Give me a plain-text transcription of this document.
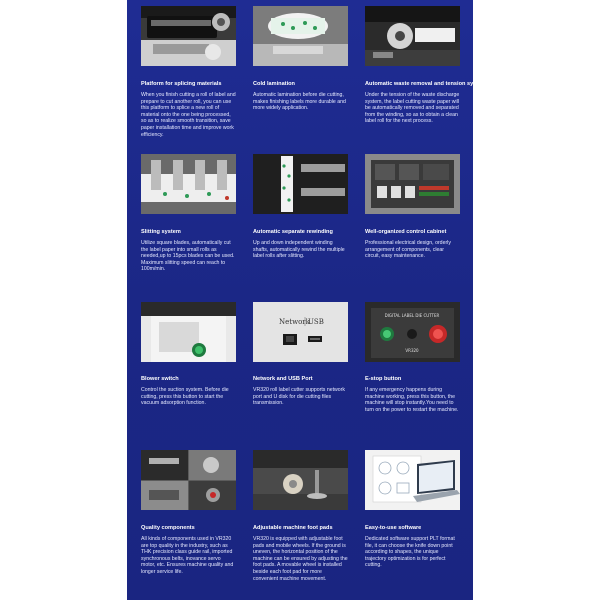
Platform for splicing materials
When you finish cutting a roll of label and prepare to cut another roll, you can use this platform to splice a new roll of material onto the one being processed, so as to realize smooth transition, save paper installation time and improve work efficiency.
Cold lamination
Automatic lamination before die cutting, makes finishing labels more durable and more widely application.
Automatic waste removal and tension system
Under the tension of the waste discharge system, the label cutting waste paper will be automatically removed and separated from the winding, so as to obtain a clean label roll for the next process.
Slitting system
Utilize square blades, automatically cut the label paper into small rolls as needed,up to 15pcs blades can be used. Maximum slitting speed can reach to 100m/min.
Automatic separate rewinding
Up and down independent winding shafts, automatically rewind the multiple label rolls after slitting.
Well-organized control cabinet
Professional electrical design, orderly arrangement of components, clear circuit, easy maintenance.
Blower switch
Control the suction system. Before die cutting, press this button to start the vacuum adsorption function.
Network
USB
Network and USB Port
VR320 roll label cutter supports network port and U disk for die cutting files transmission.
DIGITAL LABEL DIE CUTTER
VR320
E-stop button
If any emergency happens during machine working, press this button, the machine will stop instantly.You need to turn on the power to restart the machine.
Quality components
All kinds of components used in VR320 are top quality in the industry, such as THK precision class guide rail, imported synchronous belts, inovance servo motor, etc. Ensures machine quality and longer service life.
Adjustable machine foot pads
VR320 is equipped with adjustable foot pads and mobile wheels. If the ground is uneven, the horizontal position of the machine can be ensured by adjusting the foot pads. A movable wheel is installed beside each foot pad for more convenient machine movement.
Easy-to-use software
Dedicated software support PLT format file, it can choose the knife down point according to shapes, the unique trajectory optimization is for perfect cutting.
